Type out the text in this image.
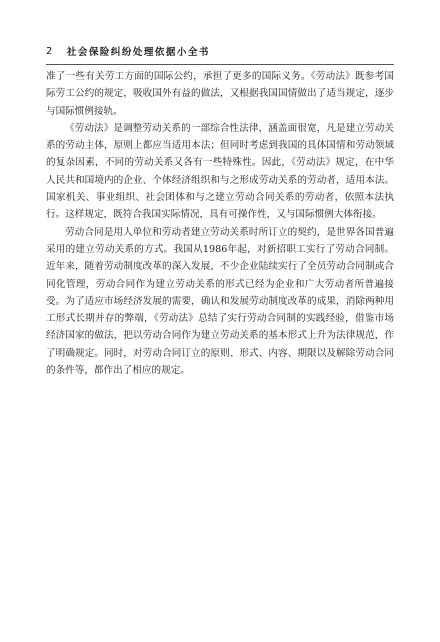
2 社会保险纠纷处理依据小全书

准了一些有关劳工方面的国际公约，承担了更多的国际义务。《劳动法》既参考国际劳工公约的规定，吸收国外有益的做法，又根据我国国情做出了适当规定，逐步与国际惯例接轨。

《劳动法》是调整劳动关系的一部综合性法律，涵盖面很宽，凡是建立劳动关系的劳动主体，原则上都应当适用本法；但同时考虑到我国的具体国情和劳动领域的复杂因素，不同的劳动关系又各有一些特殊性。因此，《劳动法》规定，在中华人民共和国境内的企业、个体经济组织和与之形成劳动关系的劳动者，适用本法。国家机关、事业组织、社会团体和与之建立劳动合同关系的劳动者，依照本法执行。这样规定，既符合我国实际情况，具有可操作性，又与国际惯例大体衔接。

劳动合同是用人单位和劳动者建立劳动关系时所订立的契约，是世界各国普遍采用的建立劳动关系的方式。我国从1986年起，对新招职工实行了劳动合同制。近年来，随着劳动制度改革的深入发展，不少企业陆续实行了全员劳动合同制或合同化管理，劳动合同作为建立劳动关系的形式已经为企业和广大劳动者所普遍接受。为了适应市场经济发展的需要，确认和发展劳动制度改革的成果，消除两种用工形式长期并存的弊端，《劳动法》总结了实行劳动合同制的实践经验，借鉴市场经济国家的做法，把以劳动合同作为建立劳动关系的基本形式上升为法律规范，作了明确规定。同时，对劳动合同订立的原则、形式、内容、期限以及解除劳动合同的条件等，都作出了相应的规定。
